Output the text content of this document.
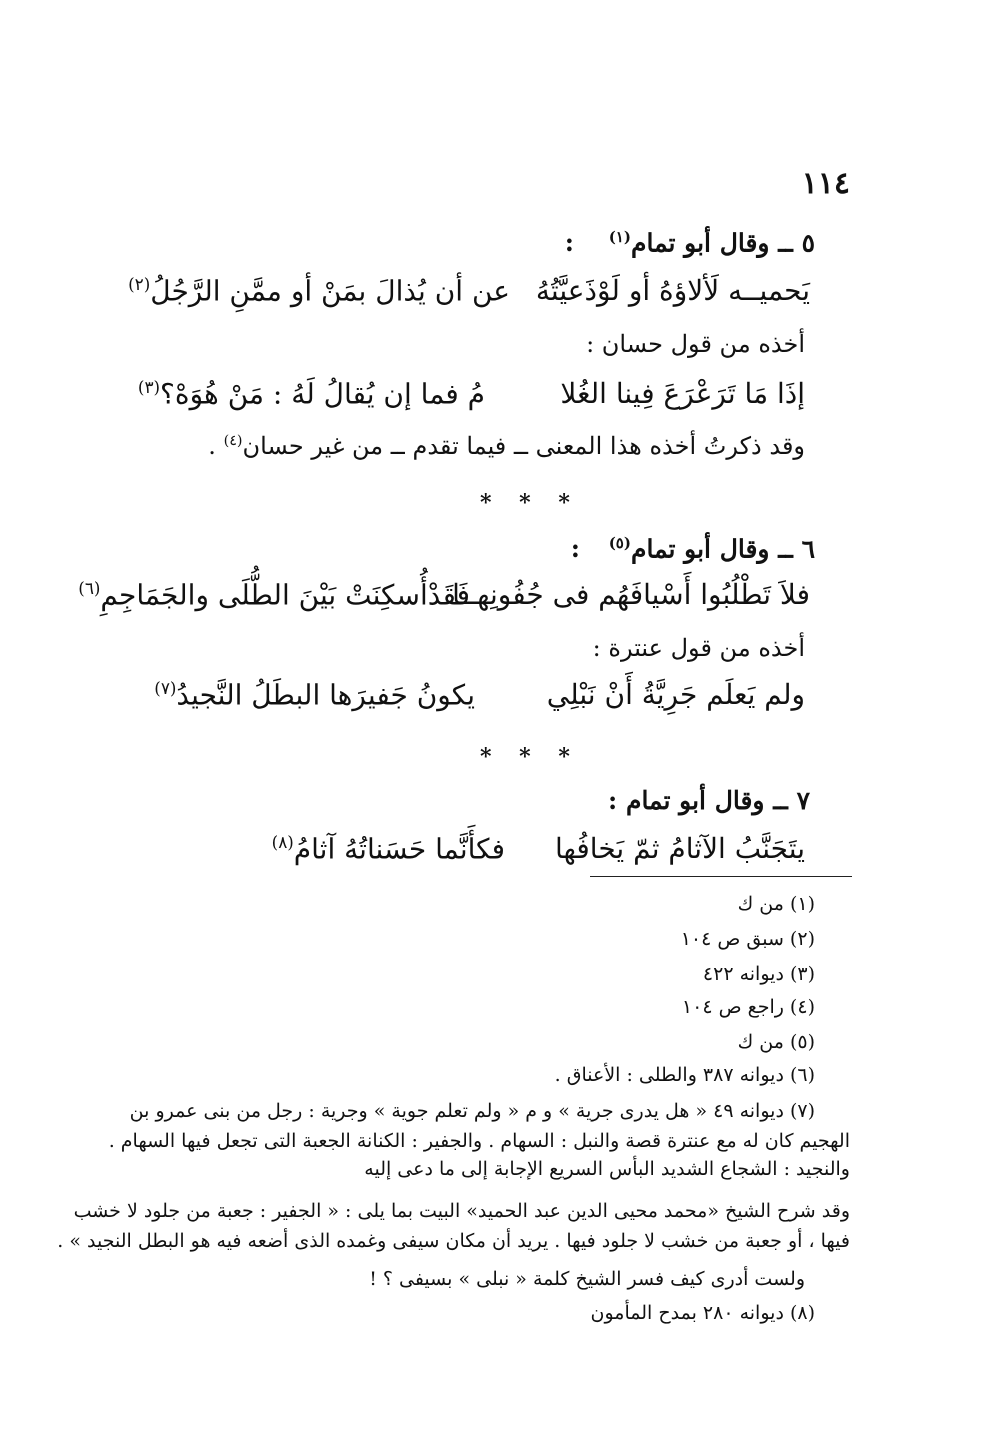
١١٤
٥ ــ وقال أبو تمام$^{(١)}$ :
يَحميــه لَألاؤهُ أو لَوْذَعيَّتُهُ
عن أن يُذالَ بمَنْ أو ممَّنِ الرَّجُلُ$^{(٢)}$
أخذه من قول حسان :
إذَا مَا تَرَعْرَعَ فِينا الغُلا
مُ فما إن يُقالُ لَهُ : مَنْ هُوَهْ؟$^{(٣)}$
وقد ذكرتُ أخذه هذا المعنى ــ فيما تقدم ــ من غير حسان$^{(٤)}$ .
* * *
٦ ــ وقال أبو تمام$^{(٥)}$ :
فلاَ تَطْلُبُوا أَسْيافَهُم فى جُفُونِهــا
فَقَدْأُسكِنَتْ بَيْنَ الطُّلَى والجَمَاجِمِ$^{(٦)}$
أخذه من قول عنترة :
ولم يَعلَم جَرِيَّةُ أَنْ نَبْلِي
يكونُ جَفيرَها البطَلُ النَّجيدُ$^{(٧)}$
* * *
٧ ــ وقال أبو تمام :
يتَجَنَّبُ الآثامُ ثمّ يَخافُها
فكأَنَّما حَسَناتُهُ آثامُ$^{(٨)}$
(١) من ك
(٢) سبق ص ١٠٤
(٣) ديوانه ٤٢٢
(٤) راجع ص ١٠٤
(٥) من ك
(٦) ديوانه ٣٨٧ والطلى : الأعناق .
(٧) ديوانه ٤٩ « هل يدرى جرية » و م « ولم تعلم جوية » وجرية : رجل من بنى عمرو بن
الهجيم كان له مع عنترة قصة والنبل : السهام . والجفير : الكنانة الجعبة التى تجعل فيها السهام .
والنجيد : الشجاع الشديد البأس السريع الإجابة إلى ما دعى إليه
وقد شرح الشيخ «محمد محيى الدين عبد الحميد» البيت بما يلى : « الجفير : جعبة من جلود لا خشب
فيها ، أو جعبة من خشب لا جلود فيها . يريد أن مكان سيفى وغمده الذى أضعه فيه هو البطل النجيد » .
ولست أدرى كيف فسر الشيخ كلمة « نبلى » بسيفى ؟ !
(٨) ديوانه ٢٨٠ بمدح المأمون
